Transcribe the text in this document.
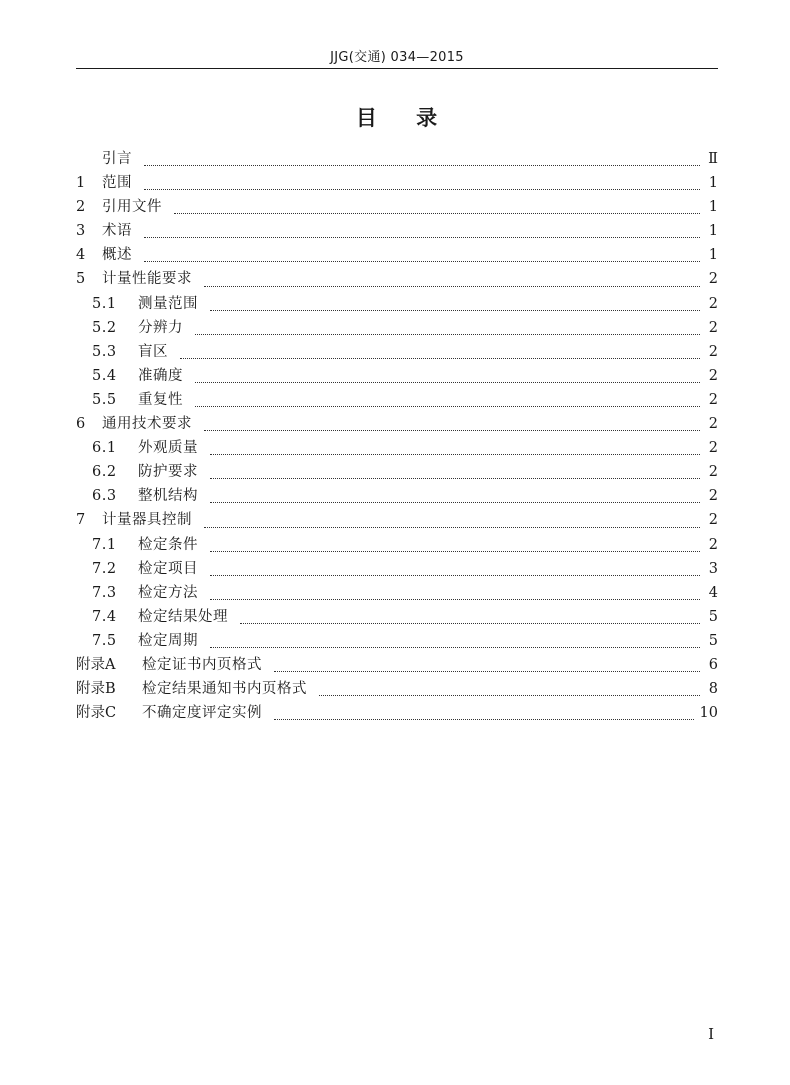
JJG(交通) 034—2015
目 录
引言	Ⅱ
1	范围	1
2	引用文件	1
3	术语	1
4	概述	1
5	计量性能要求	2
5.1	测量范围	2
5.2	分辨力	2
5.3	盲区	2
5.4	准确度	2
5.5	重复性	2
6	通用技术要求	2
6.1	外观质量	2
6.2	防护要求	2
6.3	整机结构	2
7	计量器具控制	2
7.1	检定条件	2
7.2	检定项目	3
7.3	检定方法	4
7.4	检定结果处理	5
7.5	检定周期	5
附录A	检定证书内页格式	6
附录B	检定结果通知书内页格式	8
附录C	不确定度评定实例	10
Ⅰ
